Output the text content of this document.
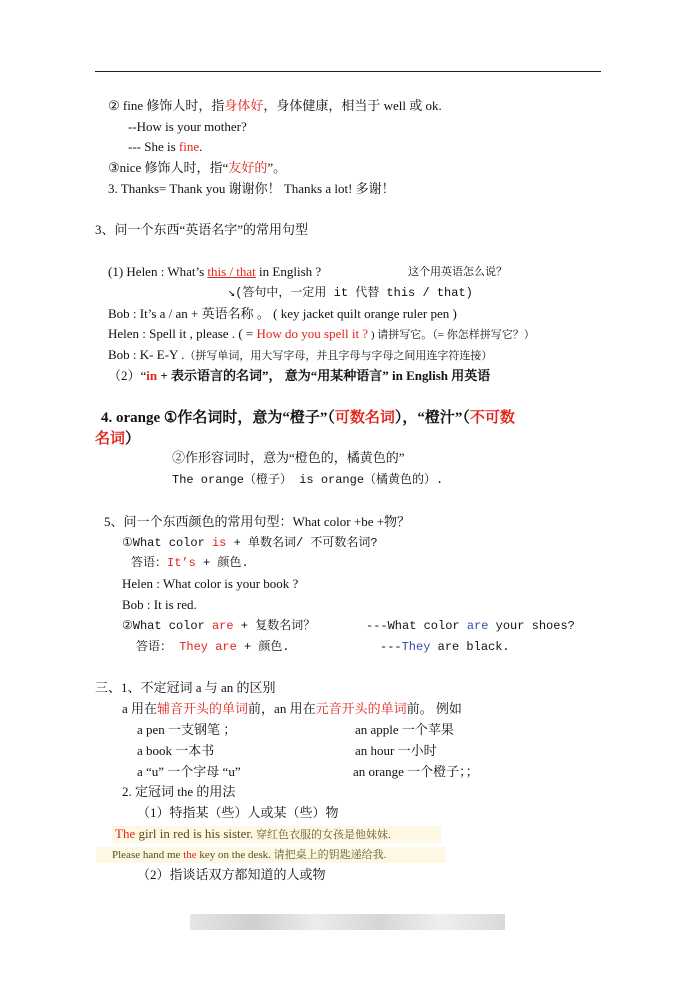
② fine 修饰人时，指身体好，身体健康，相当于 well 或 ok.
--How is your mother?
--- She is fine.
③nice 修饰人时，指“友好的”。
3. Thanks= Thank you 谢谢你！ Thanks a lot! 多谢！
3、问一个东西“英语名字”的常用句型
(1) Helen : What’s this / that in English ?	这个用英语怎么说？
↘(答句中，一定用 it 代替 this / that)
Bob : It’s a / an + 英语名称 。 ( key jacket quilt orange ruler pen )
Helen : Spell it , please . ( = How do you spell it ? ) 请拼写它。（= 你怎样拼写它？）
Bob : K- E-Y .（拼写单词，用大写字母，并且字母与字母之间用连字符连接）
（2）“in + 表示语言的名词”， 意为“用某种语言” in English 用英语
4. orange ①作名词时，意为“橙子”（可数名词），“橙汁”（不可数
名词）
②作形容词时，意为“橙色的，橘黄色的”
The orange（橙子） is orange（橘黄色的）.
5、问一个东西颜色的常用句型：What color +be +物？
①What color is + 单数名词/ 不可数名词?
答语：It’s + 颜色.
Helen : What color is your book ?
Bob : It is red.
②What color are + 复数名词？	---What color are your shoes?
答语： They are + 颜色.	---They are black.
三、1、不定冠词 a 与 an 的区别
a 用在辅音开头的单词前，an 用在元音开头的单词前。 例如
a pen 一支钢笔 ；	an apple 一个苹果
a book 一本书	an hour 一小时
a “u” 一个字母 “u”	an orange 一个橙子；；
2. 定冠词 the 的用法
（1）特指某（些）人或某（些）物
The girl in red is his sister. 穿红色衣服的女孩是他妹妹.
Please hand me the key on the desk. 请把桌上的钥匙递给我.
（2）指谈话双方都知道的人或物
